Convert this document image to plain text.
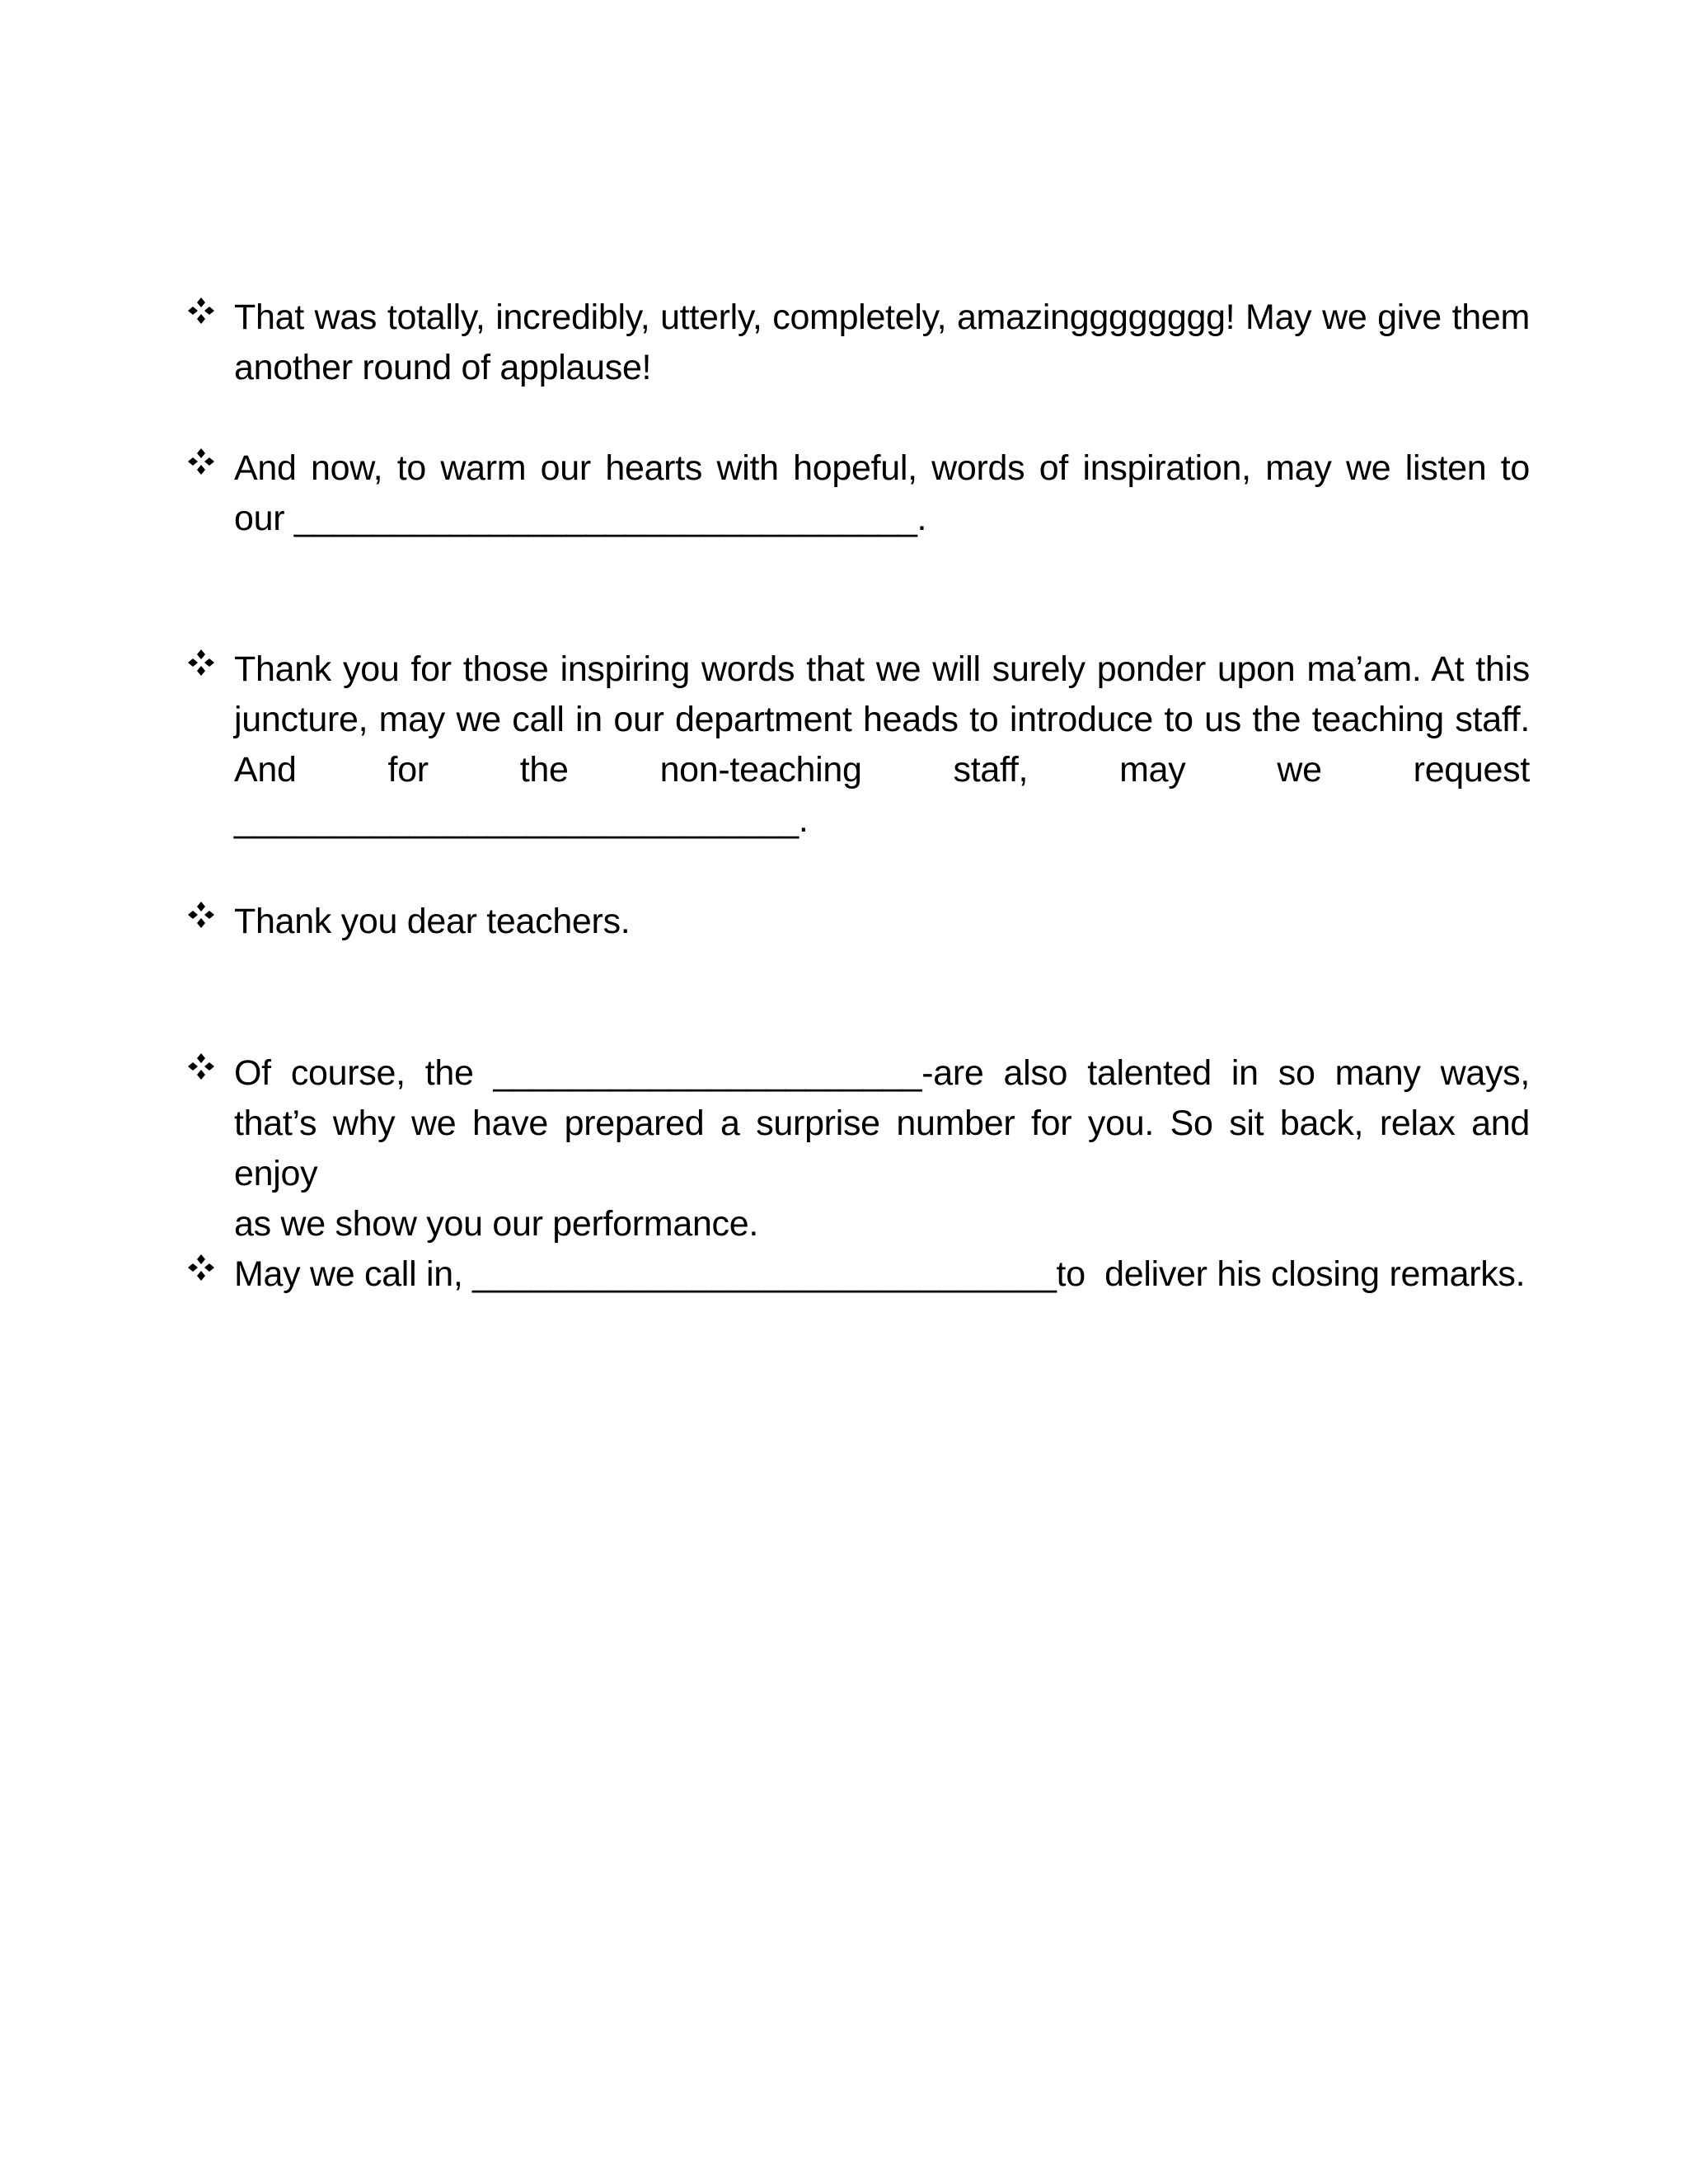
That was totally, incredibly, utterly, completely, amazingggggggg! May we give them another round of applause!
And now, to warm our hearts with hopeful, words of inspiration, may we listen to
our ________________________________.
Thank you for those inspiring words that we will surely ponder upon ma’am. At this
juncture, may we call in our department heads to introduce to us the teaching staff.
And for the non-teaching staff, may we request
_____________________________.
Thank you dear teachers.
Of course, the ______________________-are also talented in so many ways,
that’s why we have prepared a surprise number for you. So sit back, relax and enjoy
as we show you our performance.
May we call in, ______________________________to  deliver his closing remarks.
